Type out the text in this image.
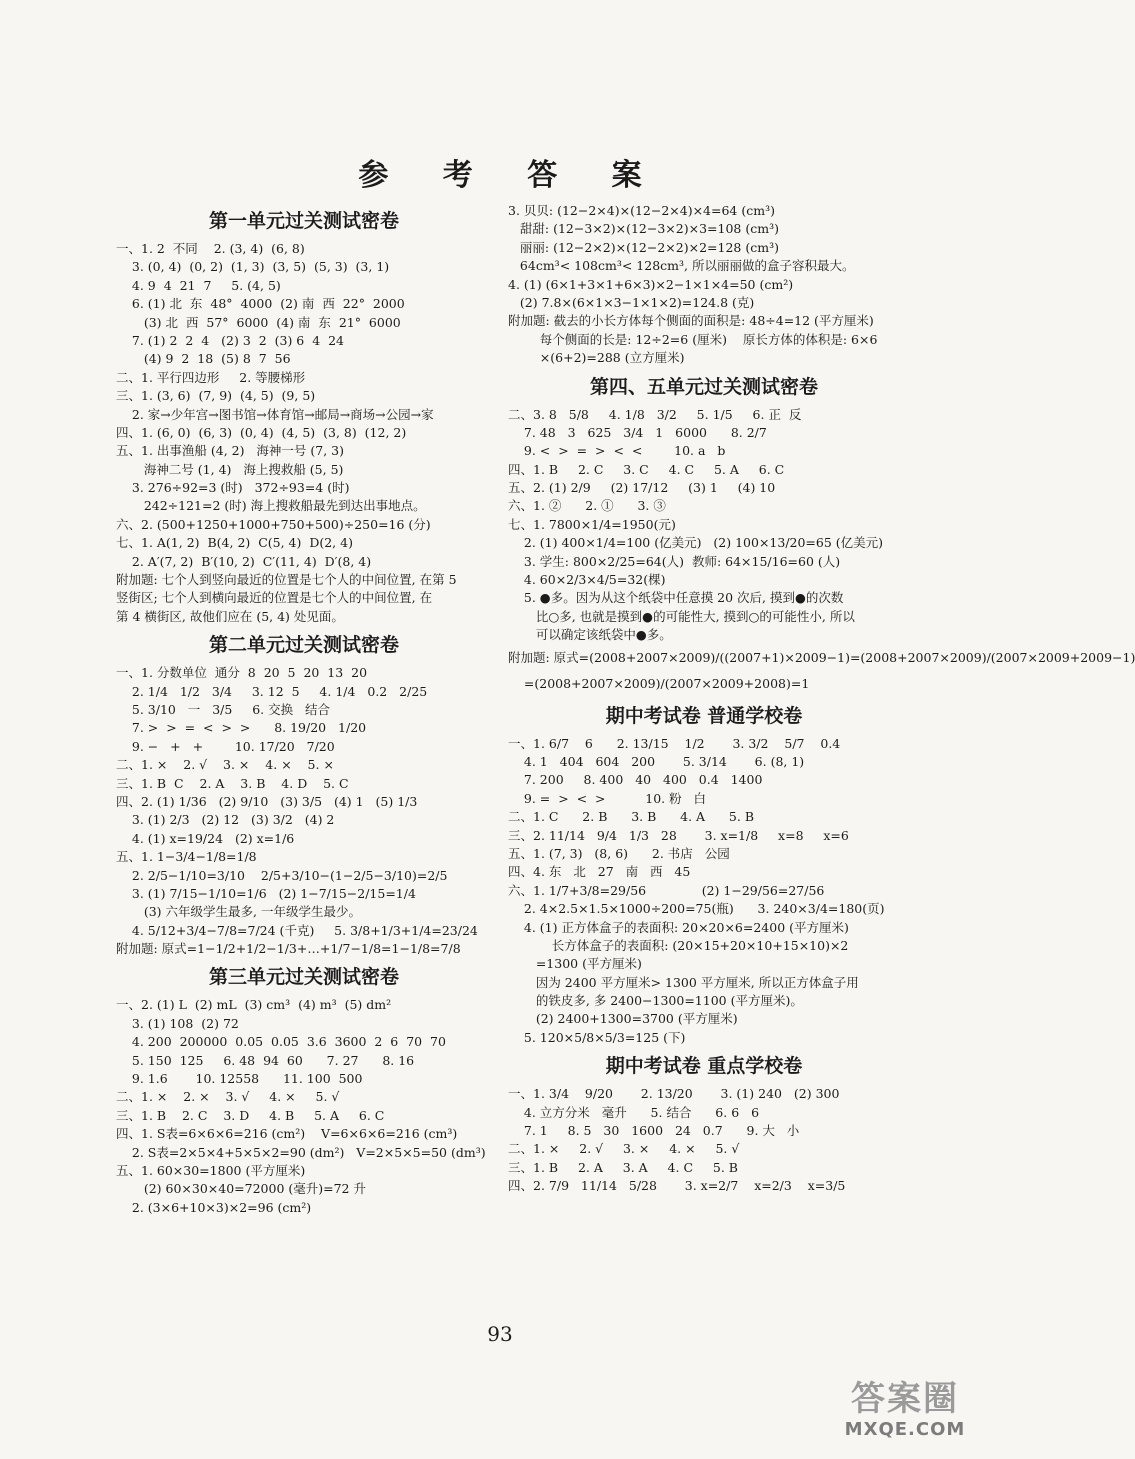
参 考 答 案
第一单元过关测试密卷
一、1. 2  不同    2. (3, 4)  (6, 8)
3. (0, 4)  (0, 2)  (1, 3)  (3, 5)  (5, 3)  (3, 1)
4. 9  4  21  7     5. (4, 5)
6. (1) 北  东  48°  4000  (2) 南  西  22°  2000
(3) 北  西  57°  6000  (4) 南  东  21°  6000
7. (1) 2  2  4   (2) 3  2  (3) 6  4  24
(4) 9  2  18  (5) 8  7  56
二、1. 平行四边形     2. 等腰梯形
三、1. (3, 6)  (7, 9)  (4, 5)  (9, 5)
2. 家→少年宫→图书馆→体育馆→邮局→商场→公园→家
四、1. (6, 0)  (6, 3)  (0, 4)  (4, 5)  (3, 8)  (12, 2)
五、1. 出事渔船 (4, 2)   海神一号 (7, 3)
海神二号 (1, 4)   海上搜救船 (5, 5)
3. 276÷92=3 (时)   372÷93=4 (时)
242÷121=2 (时) 海上搜救船最先到达出事地点。
六、2. (500+1250+1000+750+500)÷250=16 (分)
七、1. A(1, 2)  B(4, 2)  C(5, 4)  D(2, 4)
2. A′(7, 2)  B′(10, 2)  C′(11, 4)  D′(8, 4)
附加题: 七个人到竖向最近的位置是七个人的中间位置, 在第 5
竖街区; 七个人到横向最近的位置是七个人的中间位置, 在
第 4 横街区, 故他们应在 (5, 4) 处见面。
第二单元过关测试密卷
一、1. 分数单位  通分  8  20  5  20  13  20
2. 1/4   1/2   3/4     3. 12  5     4. 1/4   0.2   2/25
5. 3/10   一   3/5     6. 交换   结合
7. >  >  =  <  >  >      8. 19/20   1/20
9. −   +   +        10. 17/20   7/20
二、1. ×    2. √    3. ×    4. ×    5. ×
三、1. B  C    2. A    3. B    4. D    5. C
四、2. (1) 1/36   (2) 9/10   (3) 3/5   (4) 1   (5) 1/3
3. (1) 2/3   (2) 12   (3) 3/2   (4) 2
4. (1) x=19/24   (2) x=1/6
五、1. 1−3/4−1/8=1/8
2. 2/5−1/10=3/10    2/5+3/10−(1−2/5−3/10)=2/5
3. (1) 7/15−1/10=1/6   (2) 1−7/15−2/15=1/4
(3) 六年级学生最多, 一年级学生最少。
4. 5/12+3/4−7/8=7/24 (千克)     5. 3/8+1/3+1/4=23/24
附加题: 原式=1−1/2+1/2−1/3+…+1/7−1/8=1−1/8=7/8
第三单元过关测试密卷
一、2. (1) L  (2) mL  (3) cm³  (4) m³  (5) dm²
3. (1) 108  (2) 72
4. 200  200000  0.05  0.05  3.6  3600  2  6  70  70
5. 150  125     6. 48  94  60      7. 27      8. 16
9. 1.6       10. 12558      11. 100  500
二、1. ×    2. ×    3. √     4. ×     5. √
三、1. B    2. C    3. D     4. B     5. A     6. C
四、1. S表=6×6×6=216 (cm²)    V=6×6×6=216 (cm³)
2. S表=2×5×4+5×5×2=90 (dm²)   V=2×5×5=50 (dm³)
五、1. 60×30=1800 (平方厘米)
(2) 60×30×40=72000 (毫升)=72 升
2. (3×6+10×3)×2=96 (cm²)
3. 贝贝: (12−2×4)×(12−2×4)×4=64 (cm³)
甜甜: (12−3×2)×(12−3×2)×3=108 (cm³)
丽丽: (12−2×2)×(12−2×2)×2=128 (cm³)
64cm³< 108cm³< 128cm³, 所以丽丽做的盒子容积最大。
4. (1) (6×1+3×1+6×3)×2−1×1×4=50 (cm²)
(2) 7.8×(6×1×3−1×1×2)=124.8 (克)
附加题: 截去的小长方体每个侧面的面积是: 48÷4=12 (平方厘米)
每个侧面的长是: 12÷2=6 (厘米)    原长方体的体积是: 6×6
×(6+2)=288 (立方厘米)
第四、五单元过关测试密卷
二、3. 8   5/8     4. 1/8   3/2     5. 1/5     6. 正  反
7. 48   3   625   3/4   1   6000      8. 2/7
9. <  >  =  >  <  <        10. a   b
四、1. B     2. C     3. C     4. C     5. A     6. C
五、2. (1) 2/9     (2) 17/12     (3) 1     (4) 10
六、1. ②      2. ①      3. ③
七、1. 7800×1/4=1950(元)
2. (1) 400×1/4=100 (亿美元)   (2) 100×13/20=65 (亿美元)
3. 学生: 800×2/25=64(人)  教师: 64×15/16=60 (人)
4. 60×2/3×4/5=32(棵)
5. ●多。因为从这个纸袋中任意摸 20 次后, 摸到●的次数
比○多, 也就是摸到●的可能性大, 摸到○的可能性小, 所以
可以确定该纸袋中●多。
附加题: 原式=(2008+2007×2009)/((2007+1)×2009−1)=(2008+2007×2009)/(2007×2009+2009−1)
=(2008+2007×2009)/(2007×2009+2008)=1
期中考试卷 普通学校卷
一、1. 6/7    6      2. 13/15    1/2       3. 3/2    5/7    0.4
4. 1   404   604   200       5. 3/14       6. (8, 1)
7. 200     8. 400   40   400   0.4   1400
9. =  >  <  >          10. 粉   白
二、1. C      2. B      3. B      4. A      5. B
三、2. 11/14   9/4   1/3   28       3. x=1/8     x=8     x=6
五、1. (7, 3)   (8, 6)      2. 书店   公园
四、4. 东   北   27   南   西   45
六、1. 1/7+3/8=29/56              (2) 1−29/56=27/56
2. 4×2.5×1.5×1000÷200=75(瓶)      3. 240×3/4=180(页)
4. (1) 正方体盒子的表面积: 20×20×6=2400 (平方厘米)
长方体盒子的表面积: (20×15+20×10+15×10)×2
=1300 (平方厘米)
因为 2400 平方厘米> 1300 平方厘米, 所以正方体盒子用
的铁皮多, 多 2400−1300=1100 (平方厘米)。
(2) 2400+1300=3700 (平方厘米)
5. 120×5/8×5/3=125 (下)
期中考试卷 重点学校卷
一、1. 3/4    9/20       2. 13/20       3. (1) 240   (2) 300
4. 立方分米   毫升      5. 结合      6. 6   6
7. 1     8. 5   30   1600   24   0.7      9. 大   小
二、1. ×     2. √     3. ×     4. ×     5. √
三、1. B     2. A     3. A     4. C     5. B
四、2. 7/9   11/14   5/28       3. x=2/7    x=2/3    x=3/5
93
答案圈
MXQE.COM
